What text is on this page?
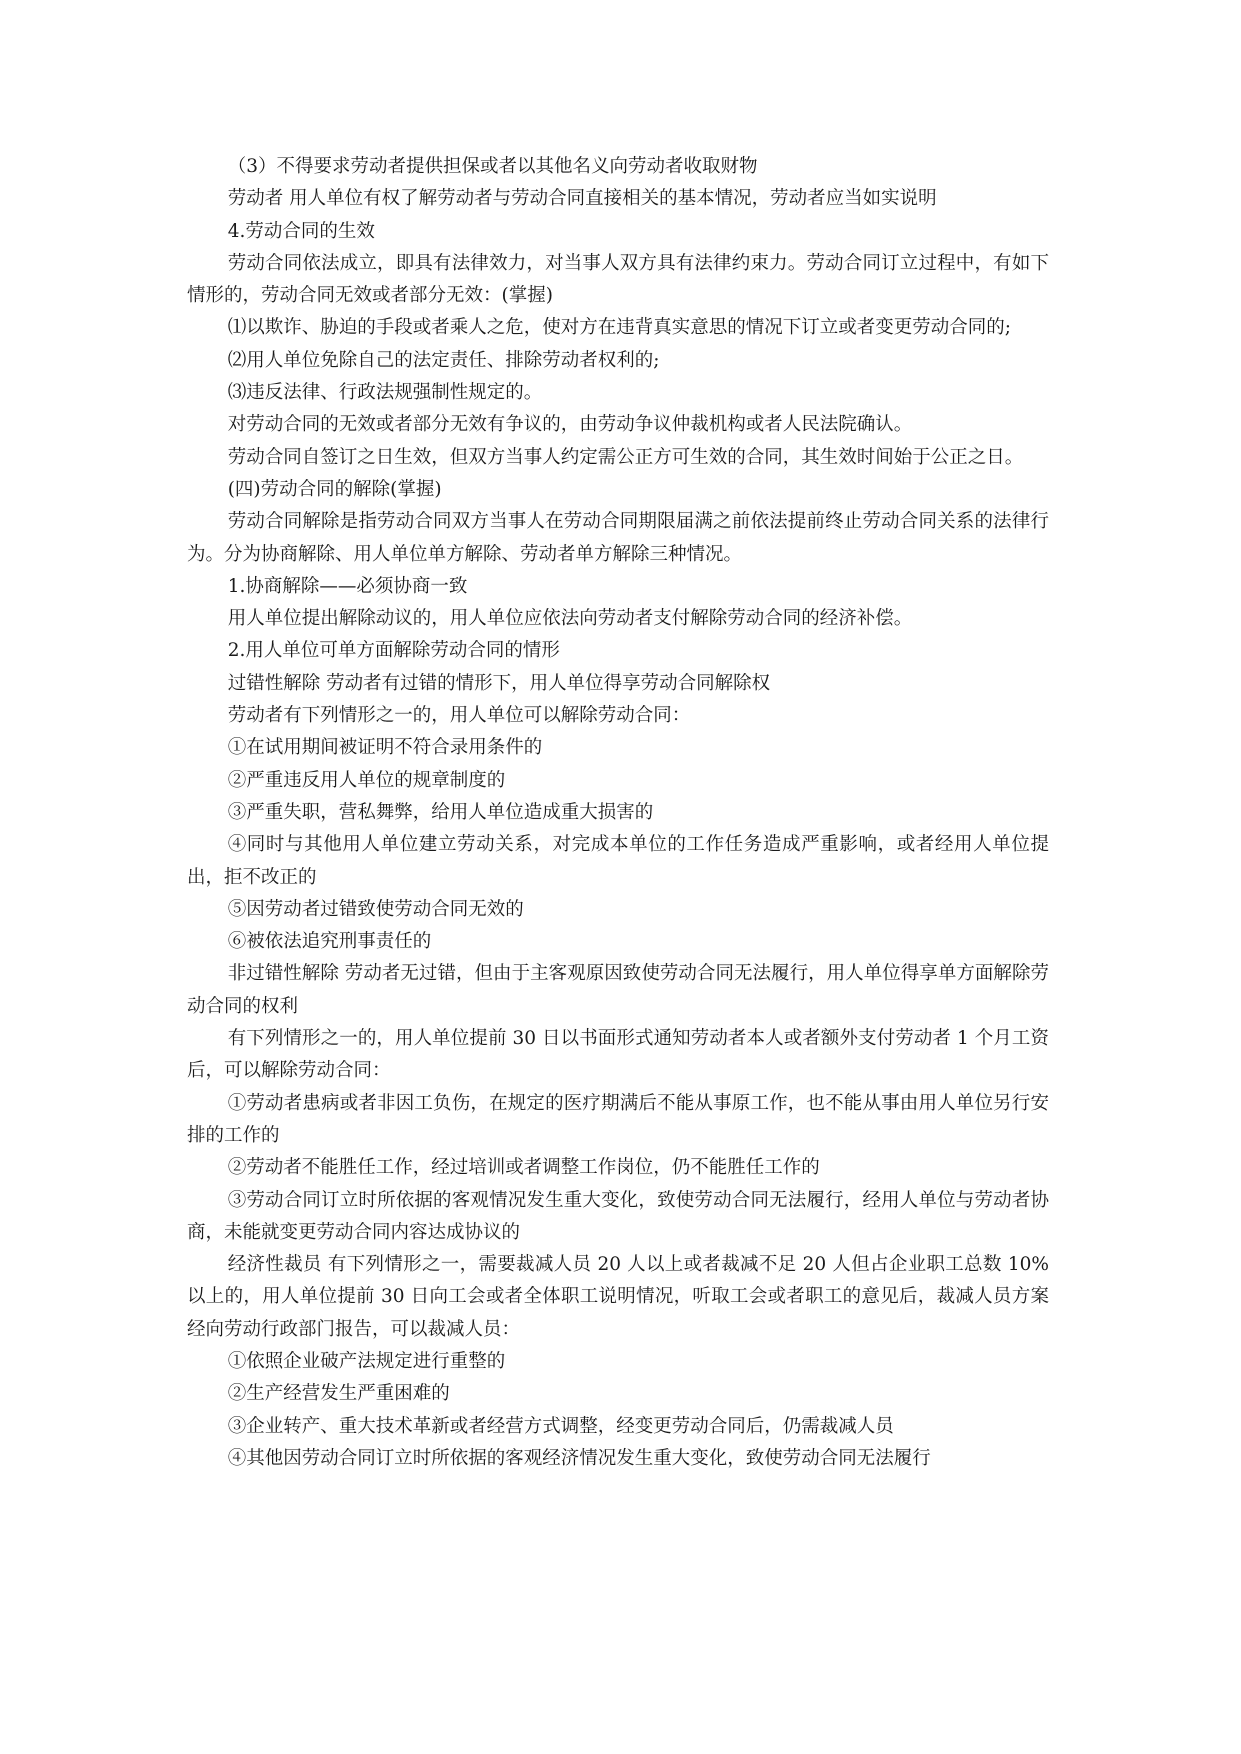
（3）不得要求劳动者提供担保或者以其他名义向劳动者收取财物

劳动者 用人单位有权了解劳动者与劳动合同直接相关的基本情况，劳动者应当如实说明

4.劳动合同的生效

劳动合同依法成立，即具有法律效力，对当事人双方具有法律约束力。劳动合同订立过程中，有如下情形的，劳动合同无效或者部分无效：(掌握)

⑴以欺诈、胁迫的手段或者乘人之危，使对方在违背真实意思的情况下订立或者变更劳动合同的;

⑵用人单位免除自己的法定责任、排除劳动者权利的;

⑶违反法律、行政法规强制性规定的。

对劳动合同的无效或者部分无效有争议的，由劳动争议仲裁机构或者人民法院确认。

劳动合同自签订之日生效，但双方当事人约定需公正方可生效的合同，其生效时间始于公正之日。

(四)劳动合同的解除(掌握)

劳动合同解除是指劳动合同双方当事人在劳动合同期限届满之前依法提前终止劳动合同关系的法律行为。分为协商解除、用人单位单方解除、劳动者单方解除三种情况。

1.协商解除——必须协商一致

用人单位提出解除动议的，用人单位应依法向劳动者支付解除劳动合同的经济补偿。

2.用人单位可单方面解除劳动合同的情形

过错性解除 劳动者有过错的情形下，用人单位得享劳动合同解除权

劳动者有下列情形之一的，用人单位可以解除劳动合同：

①在试用期间被证明不符合录用条件的

②严重违反用人单位的规章制度的

③严重失职，营私舞弊，给用人单位造成重大损害的

④同时与其他用人单位建立劳动关系，对完成本单位的工作任务造成严重影响，或者经用人单位提出，拒不改正的

⑤因劳动者过错致使劳动合同无效的

⑥被依法追究刑事责任的

非过错性解除 劳动者无过错，但由于主客观原因致使劳动合同无法履行，用人单位得享单方面解除劳动合同的权利

有下列情形之一的，用人单位提前 30 日以书面形式通知劳动者本人或者额外支付劳动者 1 个月工资后，可以解除劳动合同：

①劳动者患病或者非因工负伤，在规定的医疗期满后不能从事原工作，也不能从事由用人单位另行安排的工作的

②劳动者不能胜任工作，经过培训或者调整工作岗位，仍不能胜任工作的

③劳动合同订立时所依据的客观情况发生重大变化，致使劳动合同无法履行，经用人单位与劳动者协商，未能就变更劳动合同内容达成协议的

经济性裁员 有下列情形之一，需要裁减人员 20 人以上或者裁减不足 20 人但占企业职工总数 10%以上的，用人单位提前 30 日向工会或者全体职工说明情况，听取工会或者职工的意见后，裁减人员方案经向劳动行政部门报告，可以裁减人员：

①依照企业破产法规定进行重整的

②生产经营发生严重困难的

③企业转产、重大技术革新或者经营方式调整，经变更劳动合同后，仍需裁减人员

④其他因劳动合同订立时所依据的客观经济情况发生重大变化，致使劳动合同无法履行
